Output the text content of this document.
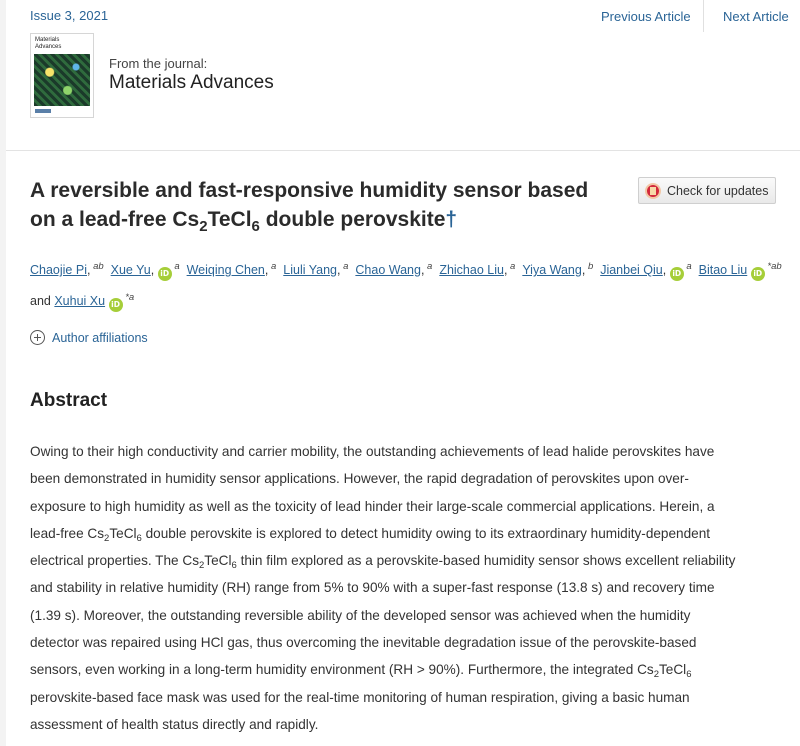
Issue 3, 2021	Previous Article Next Article
Materials
Advances
From the journal:
Materials Advances
A reversible and fast-responsive humidity sensor based on a lead-free $Cs_2TeCl_6$ double perovskite†
Check for updates
Chaojie Pi, $^{ab}$ Xue Yu, iD $^a$ Weiqing Chen, $^a$ Liuli Yang, $^a$ Chao Wang, $^a$ Zhichao Liu, $^a$ Yiya Wang, $^b$ Jianbei Qiu, iD $^a$ Bitao Liu iD $^{*ab}$
and Xuhui Xu iD $^{*a}$
Author affiliations
Abstract

Owing to their high conductivity and carrier mobility, the outstanding achievements of lead halide perovskites have

been demonstrated in humidity sensor applications. However, the rapid degradation of perovskites upon over-

exposure to high humidity as well as the toxicity of lead hinder their large-scale commercial applications. Herein, a

lead-free $Cs_2TeCl_6$ double perovskite is explored to detect humidity owing to its extraordinary humidity-dependent

electrical properties. The $Cs_2TeCl_6$ thin film explored as a perovskite-based humidity sensor shows excellent reliability

and stability in relative humidity (RH) range from 5% to 90% with a super-fast response (13.8 s) and recovery time

(1.39 s). Moreover, the outstanding reversible ability of the developed sensor was achieved when the humidity

detector was repaired using HCl gas, thus overcoming the inevitable degradation issue of the perovskite-based

sensors, even working in a long-term humidity environment (RH > 90%). Furthermore, the integrated $Cs_2TeCl_6$

perovskite-based face mask was used for the real-time monitoring of human respiration, giving a basic human

assessment of health status directly and rapidly.
